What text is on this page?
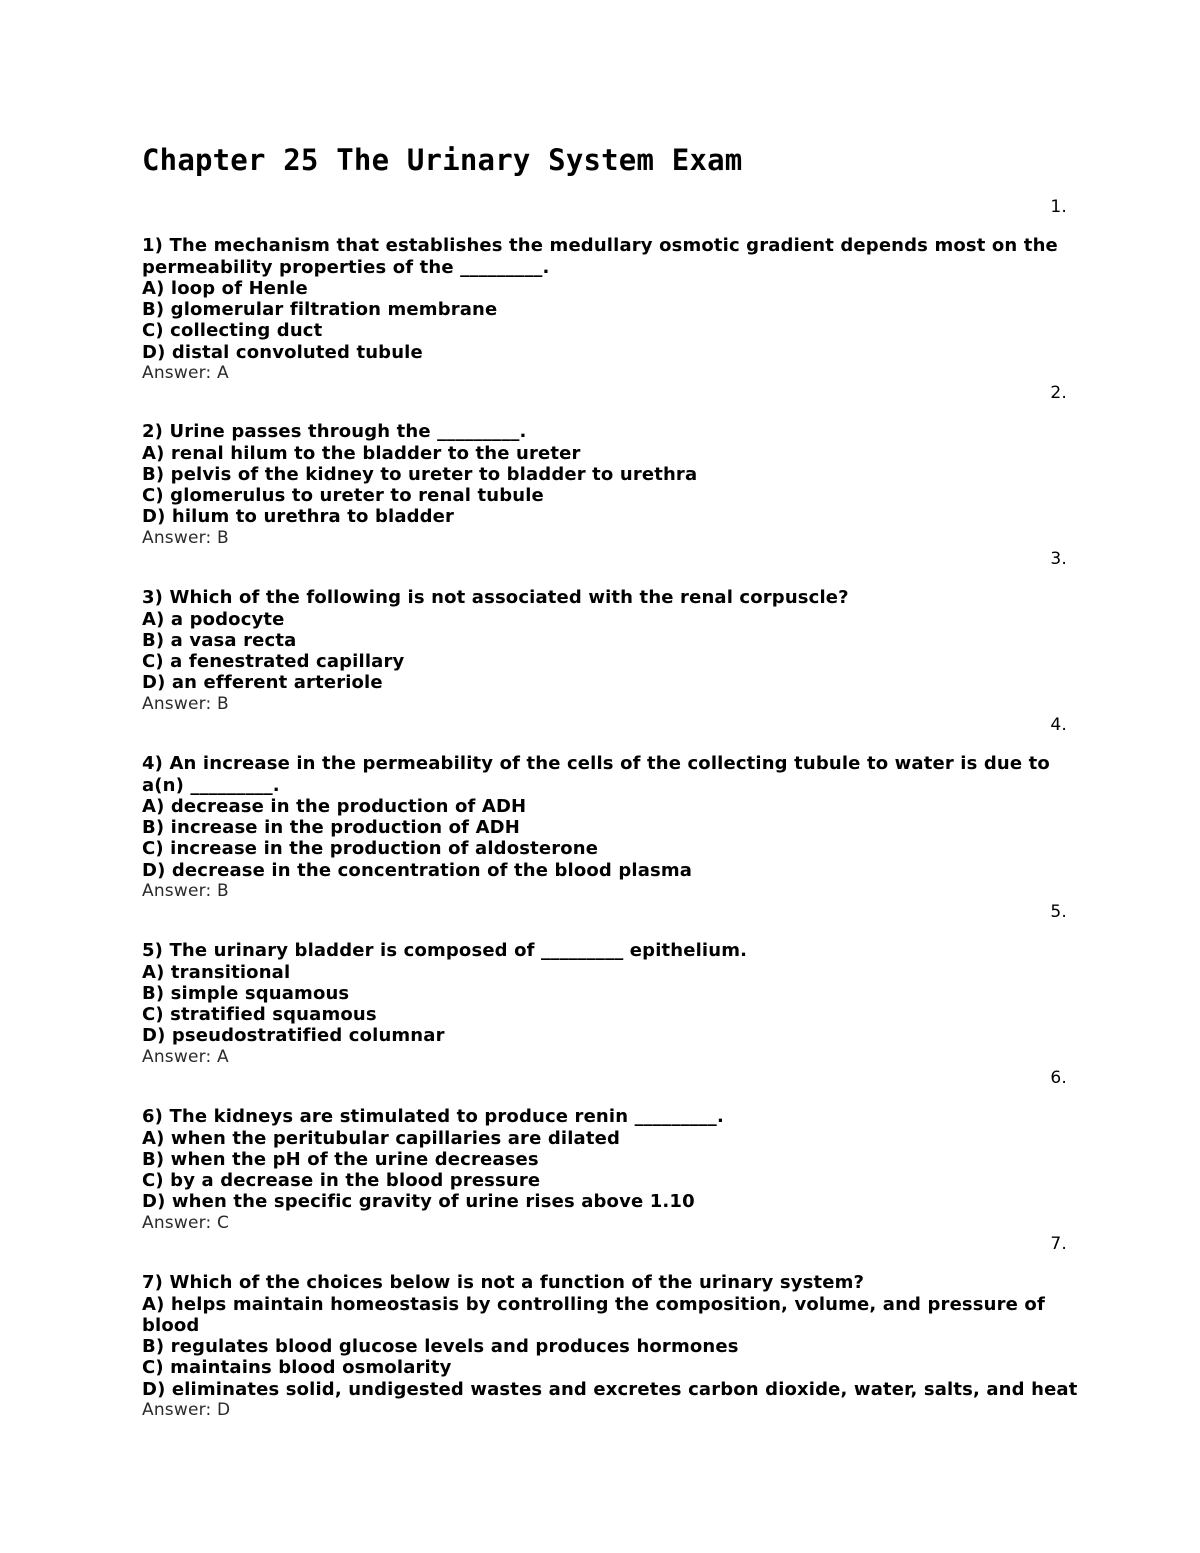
Chapter 25 The Urinary System Exam
1.
1) The mechanism that establishes the medullary osmotic gradient depends most on the
permeability properties of the _________.
A) loop of Henle
B) glomerular filtration membrane
C) collecting duct
D) distal convoluted tubule
Answer: A
2.
2) Urine passes through the _________.
A) renal hilum to the bladder to the ureter
B) pelvis of the kidney to ureter to bladder to urethra
C) glomerulus to ureter to renal tubule
D) hilum to urethra to bladder
Answer: B
3.
3) Which of the following is not associated with the renal corpuscle?
A) a podocyte
B) a vasa recta
C) a fenestrated capillary
D) an efferent arteriole
Answer: B
4.
4) An increase in the permeability of the cells of the collecting tubule to water is due to
a(n) _________.
A) decrease in the production of ADH
B) increase in the production of ADH
C) increase in the production of aldosterone
D) decrease in the concentration of the blood plasma
Answer: B
5.
5) The urinary bladder is composed of _________ epithelium.
A) transitional
B) simple squamous
C) stratified squamous
D) pseudostratified columnar
Answer: A
6.
6) The kidneys are stimulated to produce renin _________.
A) when the peritubular capillaries are dilated
B) when the pH of the urine decreases
C) by a decrease in the blood pressure
D) when the specific gravity of urine rises above 1.10
Answer: C
7.
7) Which of the choices below is not a function of the urinary system?
A) helps maintain homeostasis by controlling the composition, volume, and pressure of
blood
B) regulates blood glucose levels and produces hormones
C) maintains blood osmolarity
D) eliminates solid, undigested wastes and excretes carbon dioxide, water, salts, and heat
Answer: D
